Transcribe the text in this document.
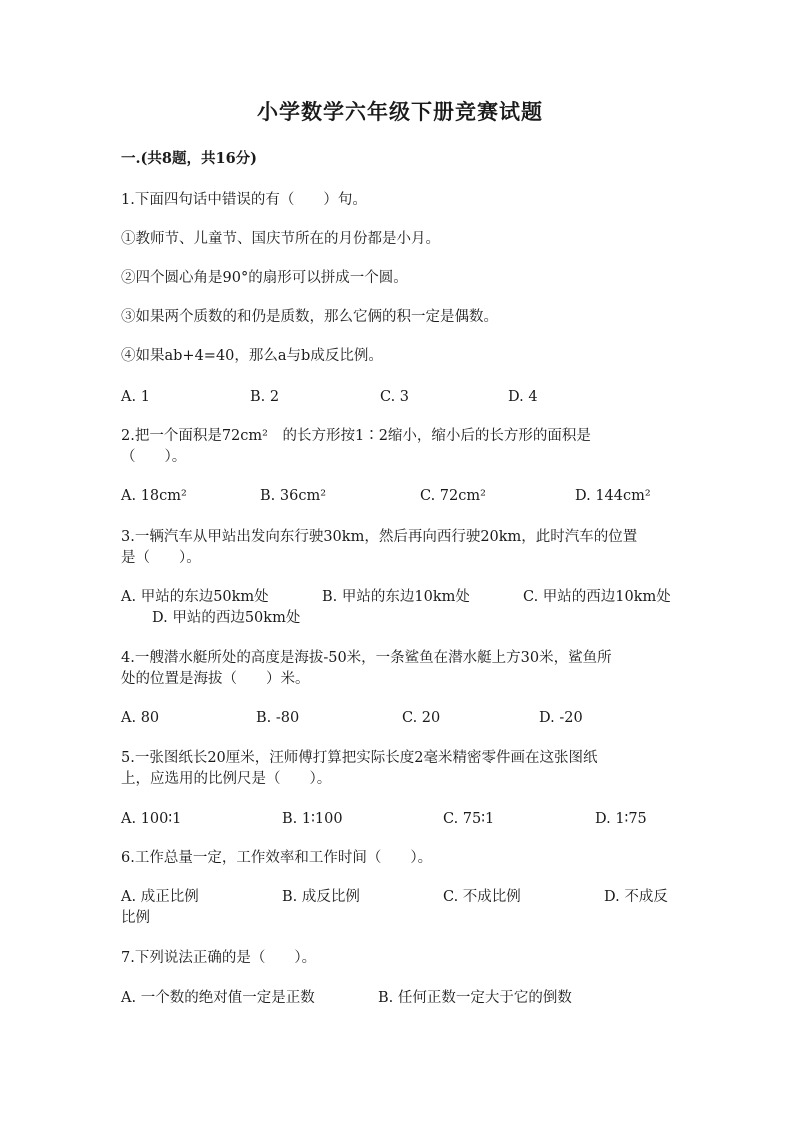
小学数学六年级下册竞赛试题
一.(共8题，共16分)
1.下面四句话中错误的有（　　）句。
①教师节、儿童节、国庆节所在的月份都是小月。
②四个圆心角是90°的扇形可以拼成一个圆。
③如果两个质数的和仍是质数，那么它俩的积一定是偶数。
④如果ab+4=40，那么a与b成反比例。
A. 1	B. 2	C. 3	D. 4
2.把一个面积是72cm²　的长方形按1∶2缩小，缩小后的长方形的面积是
（　　）。
A. 18cm²	B. 36cm²	C. 72cm²	D. 144cm²
3.一辆汽车从甲站出发向东行驶30km，然后再向西行驶20km，此时汽车的位置
是（　　）。
A. 甲站的东边50km处	B. 甲站的东边10km处	C. 甲站的西边10km处
D. 甲站的西边50km处
4.一艘潜水艇所处的高度是海拔-50米，一条鲨鱼在潜水艇上方30米，鲨鱼所
处的位置是海拔（　　）米。
A. 80	B. -80	C. 20	D. -20
5.一张图纸长20厘米，汪师傅打算把实际长度2毫米精密零件画在这张图纸
上，应选用的比例尺是（　　）。
A. 100∶1	B. 1∶100	C. 75∶1	D. 1∶75
6.工作总量一定，工作效率和工作时间（　　）。
A. 成正比例	B. 成反比例	C. 不成比例	D. 不成反
比例
7.下列说法正确的是（　　）。
A. 一个数的绝对值一定是正数	B. 任何正数一定大于它的倒数
